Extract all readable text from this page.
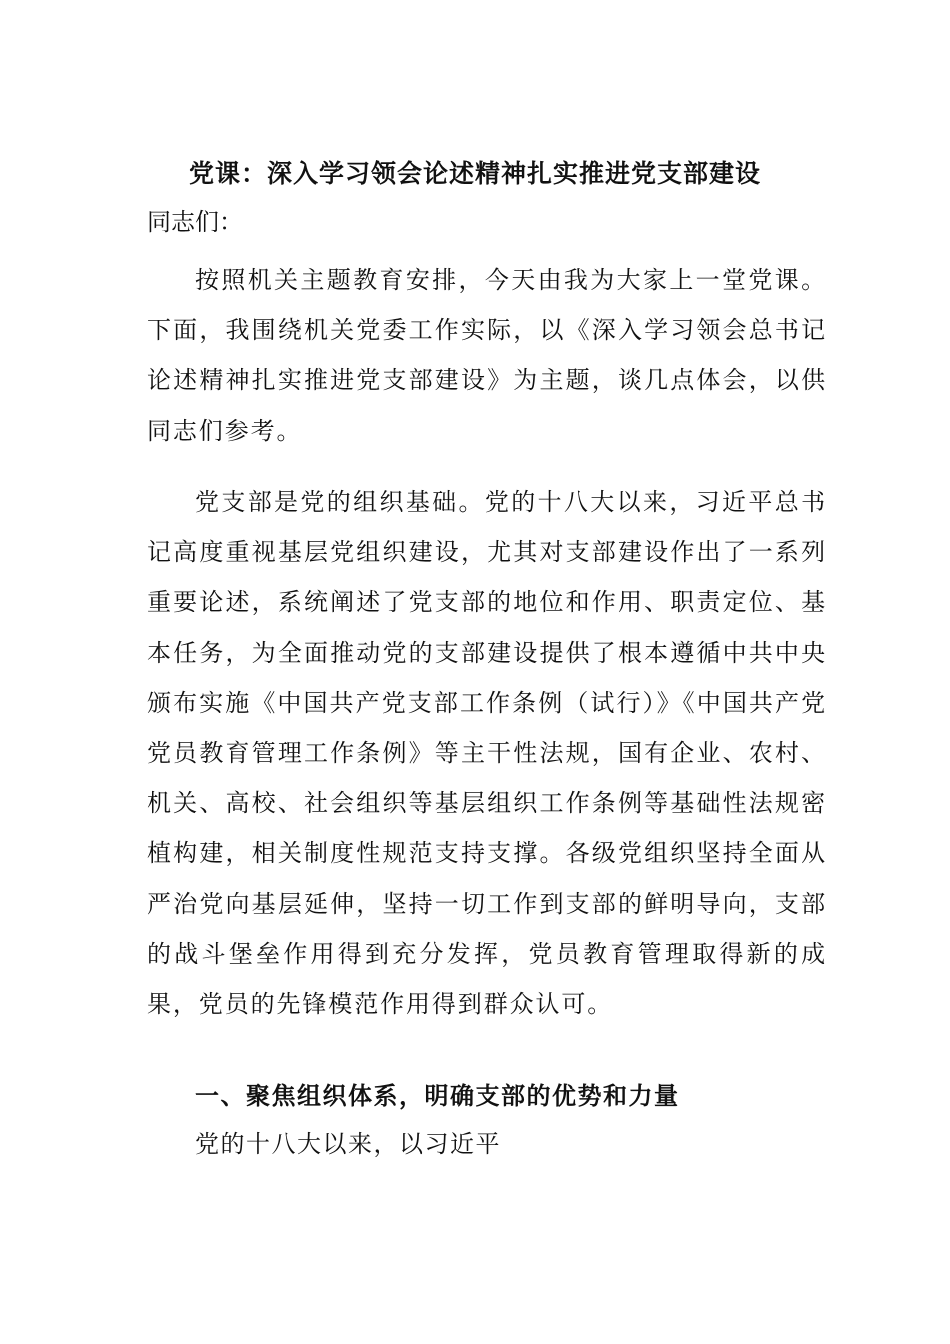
党课：深入学习领会论述精神扎实推进党支部建设
同志们：

按照机关主题教育安排，今天由我为大家上一堂党课。下面，我围绕机关党委工作实际，以《深入学习领会总书记论述精神扎实推进党支部建设》为主题，谈几点体会，以供同志们参考。

党支部是党的组织基础。党的十八大以来，习近平总书记高度重视基层党组织建设，尤其对支部建设作出了一系列重要论述，系统阐述了党支部的地位和作用、职责定位、基本任务，为全面推动党的支部建设提供了根本遵循中共中央颁布实施《中国共产党支部工作条例（试行）》《中国共产党党员教育管理工作条例》等主干性法规，国有企业、农村、机关、高校、社会组织等基层组织工作条例等基础性法规密植构建，相关制度性规范支持支撑。各级党组织坚持全面从严治党向基层延伸，坚持一切工作到支部的鲜明导向，支部的战斗堡垒作用得到充分发挥，党员教育管理取得新的成果，党员的先锋模范作用得到群众认可。

一、聚焦组织体系，明确支部的优势和力量
党的十八大以来，以习近平
